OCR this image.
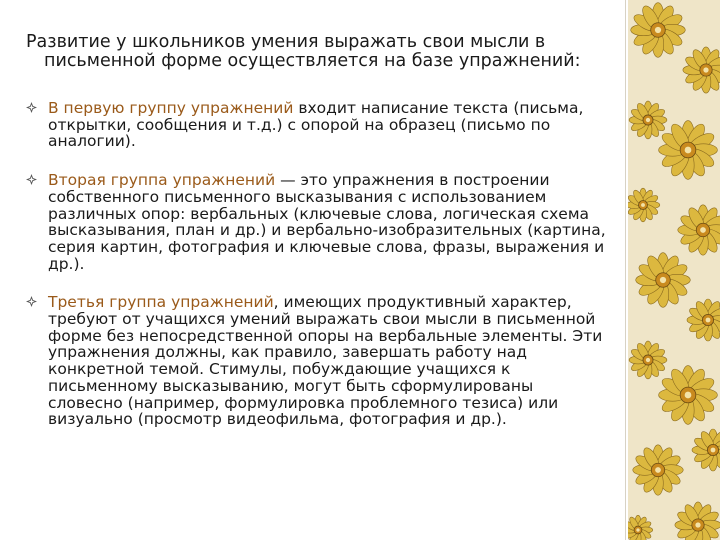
Развитие у школьников умения выражать свои мысли в
письменной форме осуществляется на базе упражнений:
В первую группу упражнений входит написание текста (письма, открытки, сообщения и т.д.) с опорой на образец (письмо по аналогии).
Вторая группа упражнений — это упражнения в построении собственного письменного высказывания с использованием различных опор: вербальных (ключевые слова, логическая схема высказывания, план и др.) и вербально-изобразительных (картина, серия картин, фотография и ключевые слова, фразы, выражения и др.).
Третья группа упражнений, имеющих продуктивный характер, требуют от учащихся умений выражать свои мысли в письменной форме без непосредственной опоры на вербальные элементы. Эти упражнения должны, как правило, завершать работу над конкретной темой. Стимулы, побуждающие учащихся к письменному высказыванию, могут быть сформулированы словесно (например, формулировка проблемного тезиса) или визуально (просмотр видеофильма, фотография и др.).
